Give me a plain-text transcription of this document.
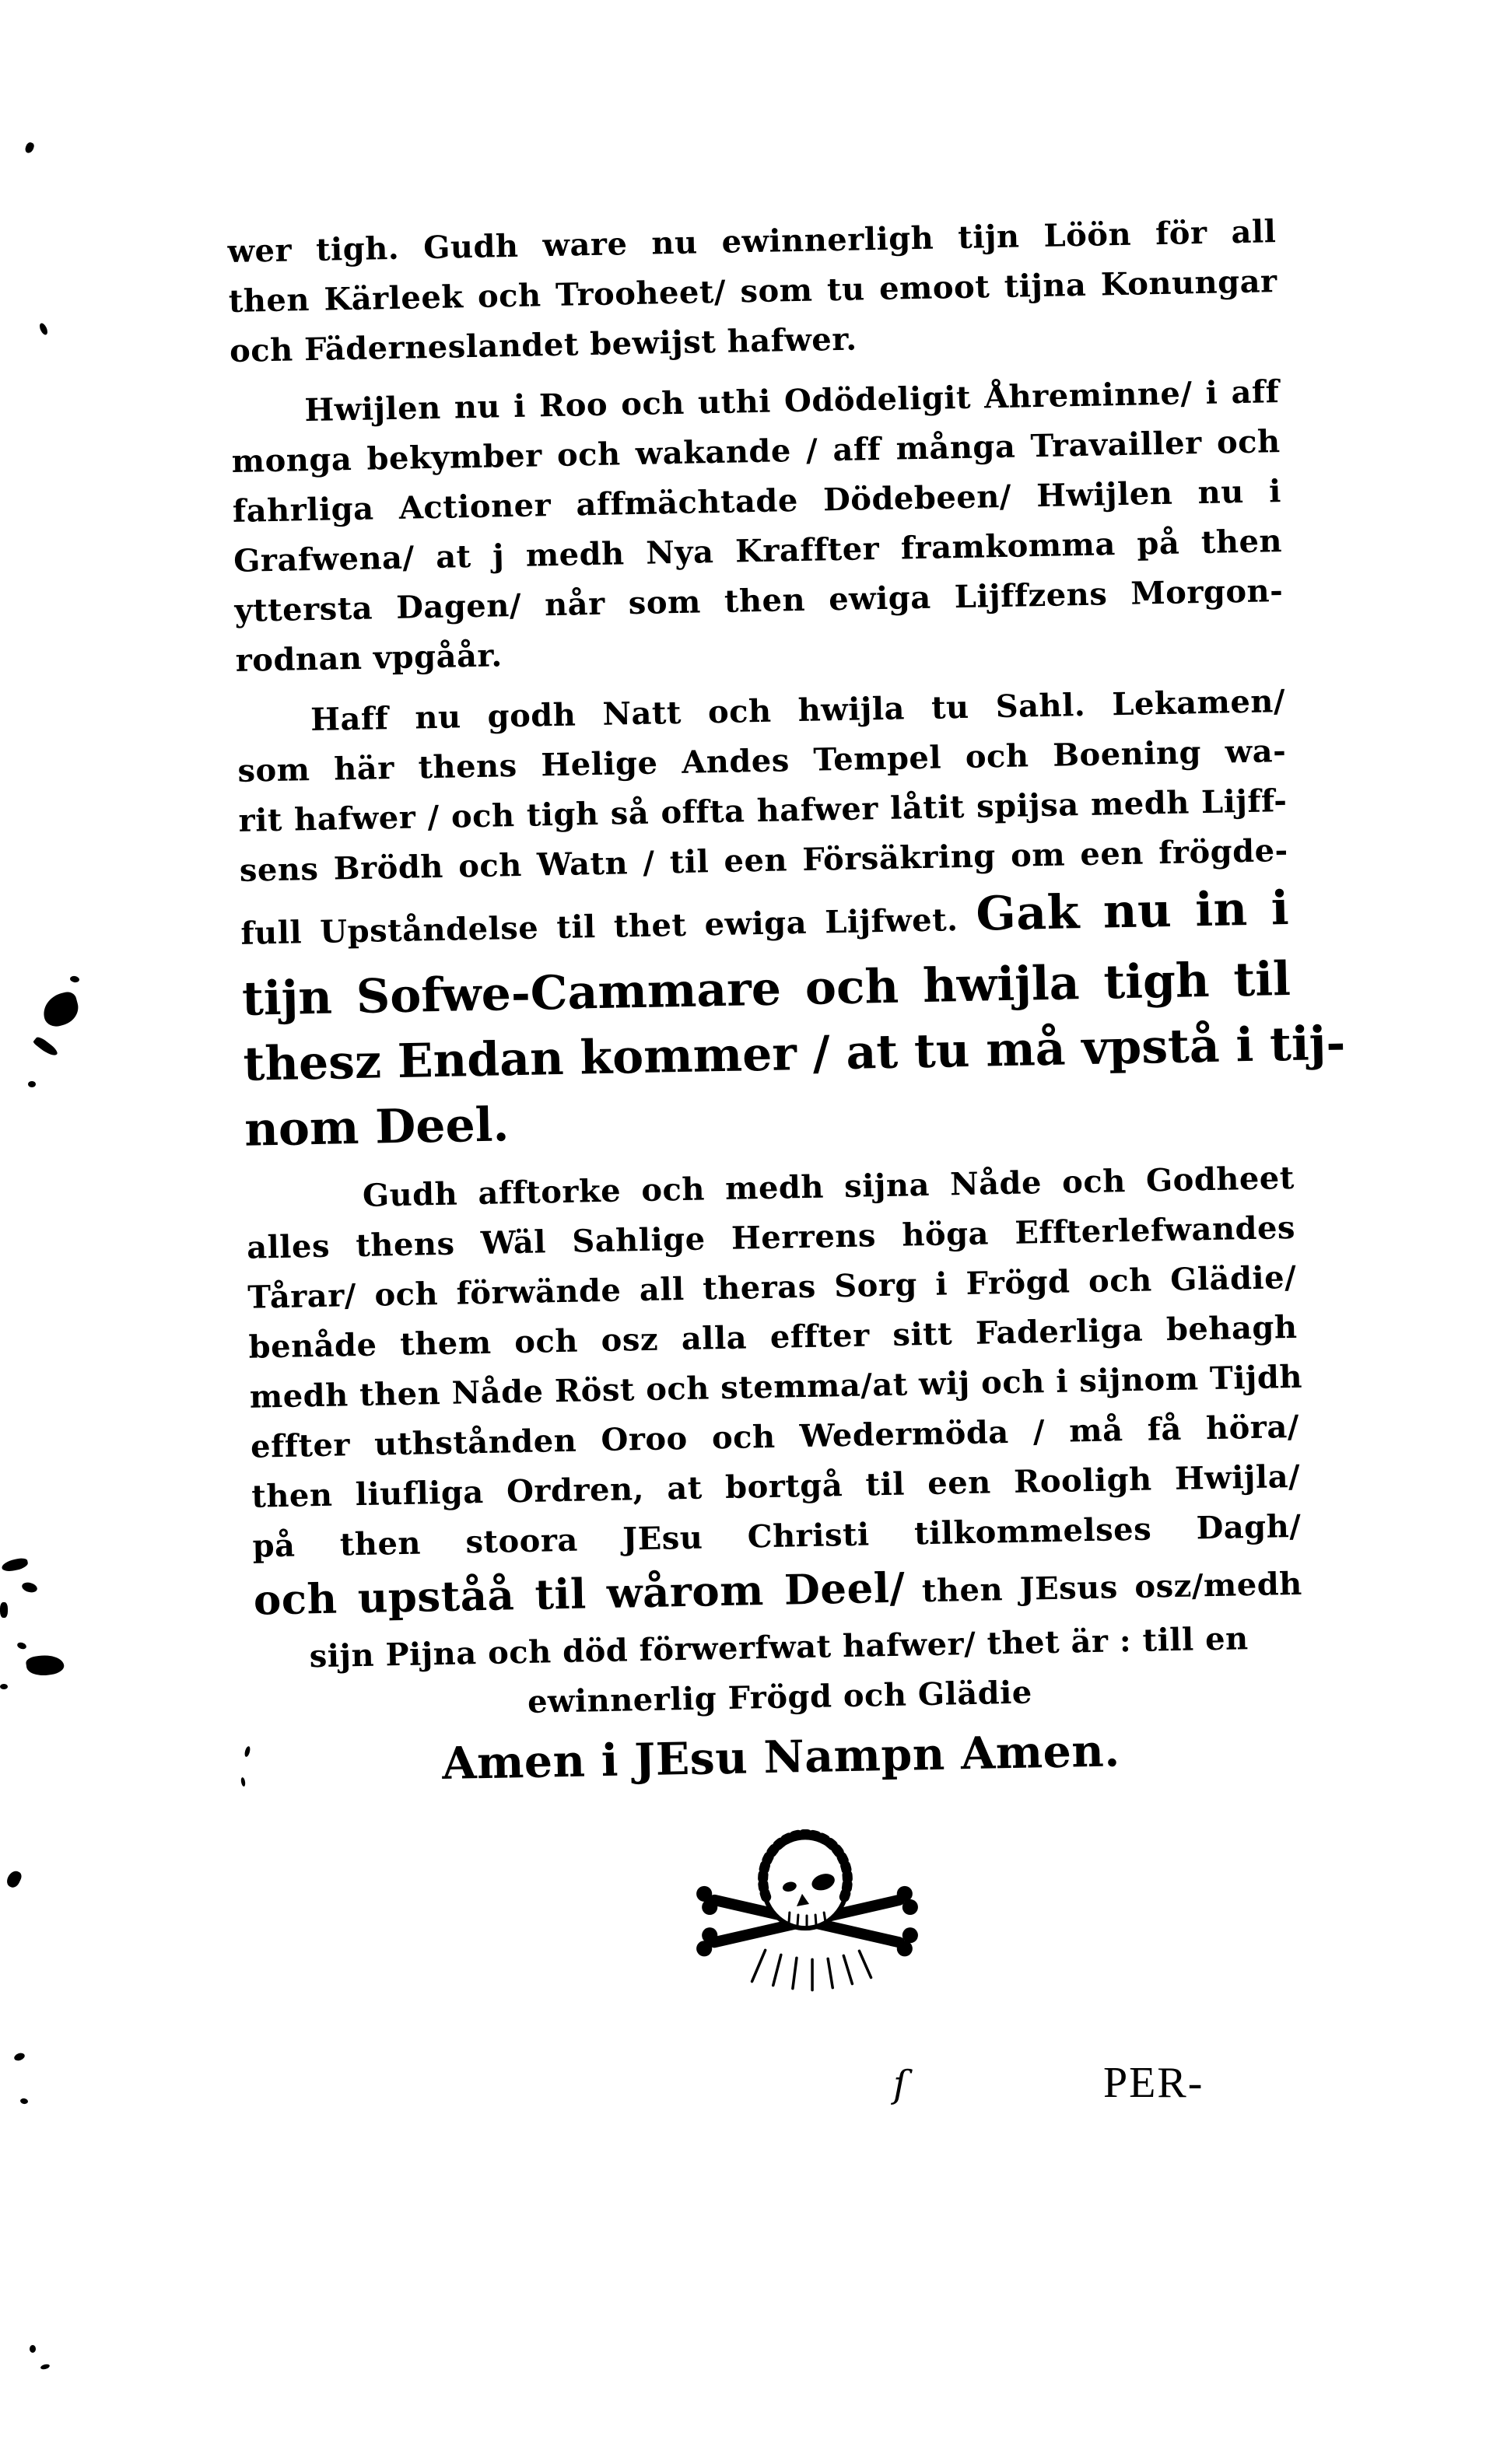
wer tigh. Gudh ware nu ewinnerligh tijn Löön för all
then Kärleek och Trooheet/ som tu emoot tijna Konungar
och Fäderneslandet bewijst hafwer.
Hwijlen nu i Roo och uthi Odödeligit Åhreminne/ i aff
monga bekymber och wakande / aff många Travailler och
fahrliga Actioner affmächtade Dödebeen/ Hwijlen nu i
Grafwena/ at j medh Nya Kraffter framkomma på then
yttersta Dagen/ når som then ewiga Lijffzens Morgon-
rodnan vpgåår.
Haff nu godh Natt och hwijla tu Sahl. Lekamen/
som här thens Helige Andes Tempel och Boening wa-
rit hafwer / och tigh så offta hafwer låtit spijsa medh Lijff-
sens Brödh och Watn / til een Försäkring om een frögde-
full Upståndelse til thet ewiga Lijfwet. Gak nu in i
tijn Sofwe-Cammare och hwijla tigh til
thesz Endan kommer / at tu må vpstå i tij-
nom Deel.
Gudh afftorke och medh sijna Nåde och Godheet
alles thens Wäl Sahlige Herrens höga Effterlefwandes
Tårar/ och förwände all theras Sorg i Frögd och Glädie/
benåde them och osz alla effter sitt Faderliga behagh
medh then Nåde Röst och stemma/at wij och i sijnom Tijdh
effter uthstånden Oroo och Wedermöda / må få höra/
then liufliga Ordren, at bortgå til een Rooligh Hwijla/
på then stoora JEsu Christi tilkommelses Dagh/
och upståå til wårom Deel/ then JEsus osz/medh
sijn Pijna och död förwerfwat hafwer/ thet är : till en
ewinnerlig Frögd och Glädie
Amen i JEsu Nampn Amen.
ſ	PER-
